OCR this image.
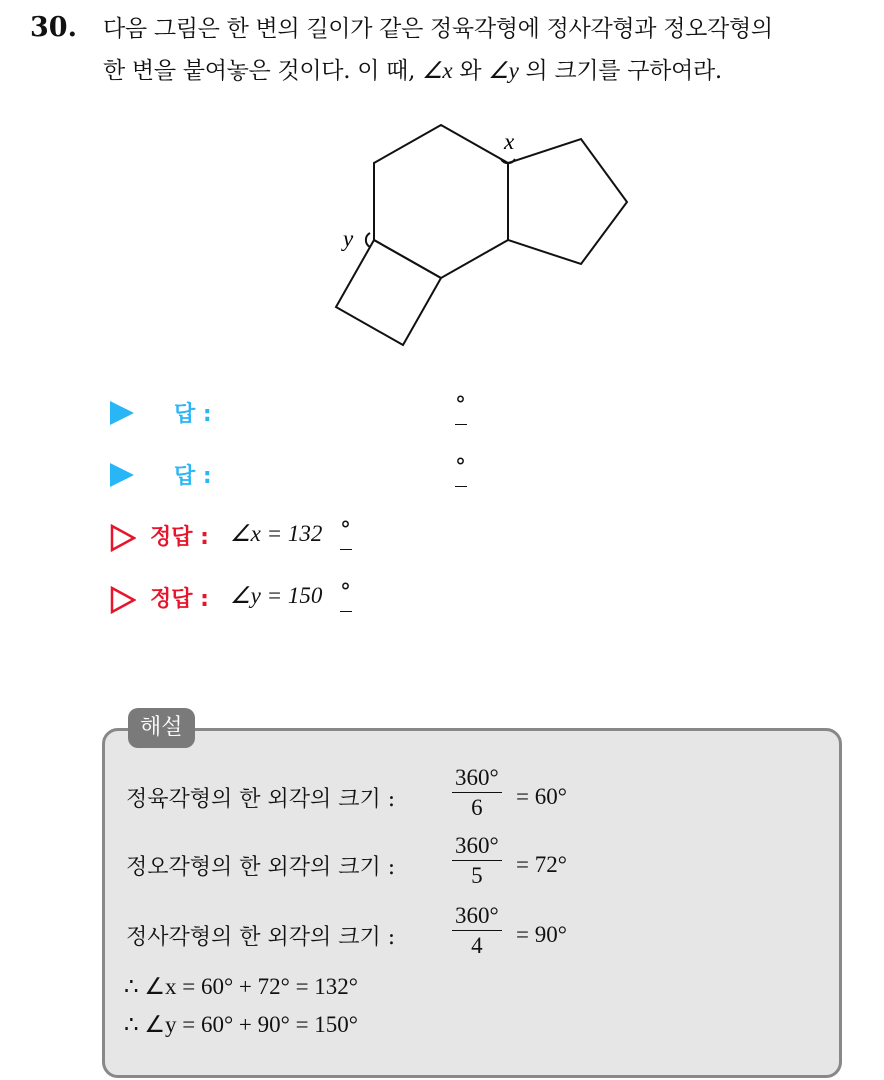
30. 다음 그림은 한 변의 길이가 같은 정육각형에 정사각형과 정오각형의
한 변을 붙여놓은 것이다. 이 때, ∠x 와 ∠y 의 크기를 구하여라.
x
y
답 :	°
답 :	°
정답 : ∠x = 132 °
정답 : ∠y = 150 °
해설
정육각형의 한 외각의 크기 : $\frac{360^\circ}{6} = 60^\circ$
정오각형의 한 외각의 크기 : $\frac{360^\circ}{5} = 72^\circ$
정사각형의 한 외각의 크기 : $\frac{360^\circ}{4} = 90^\circ$
∴ ∠x = 60° + 72° = 132°
∴ ∠y = 60° + 90° = 150°
